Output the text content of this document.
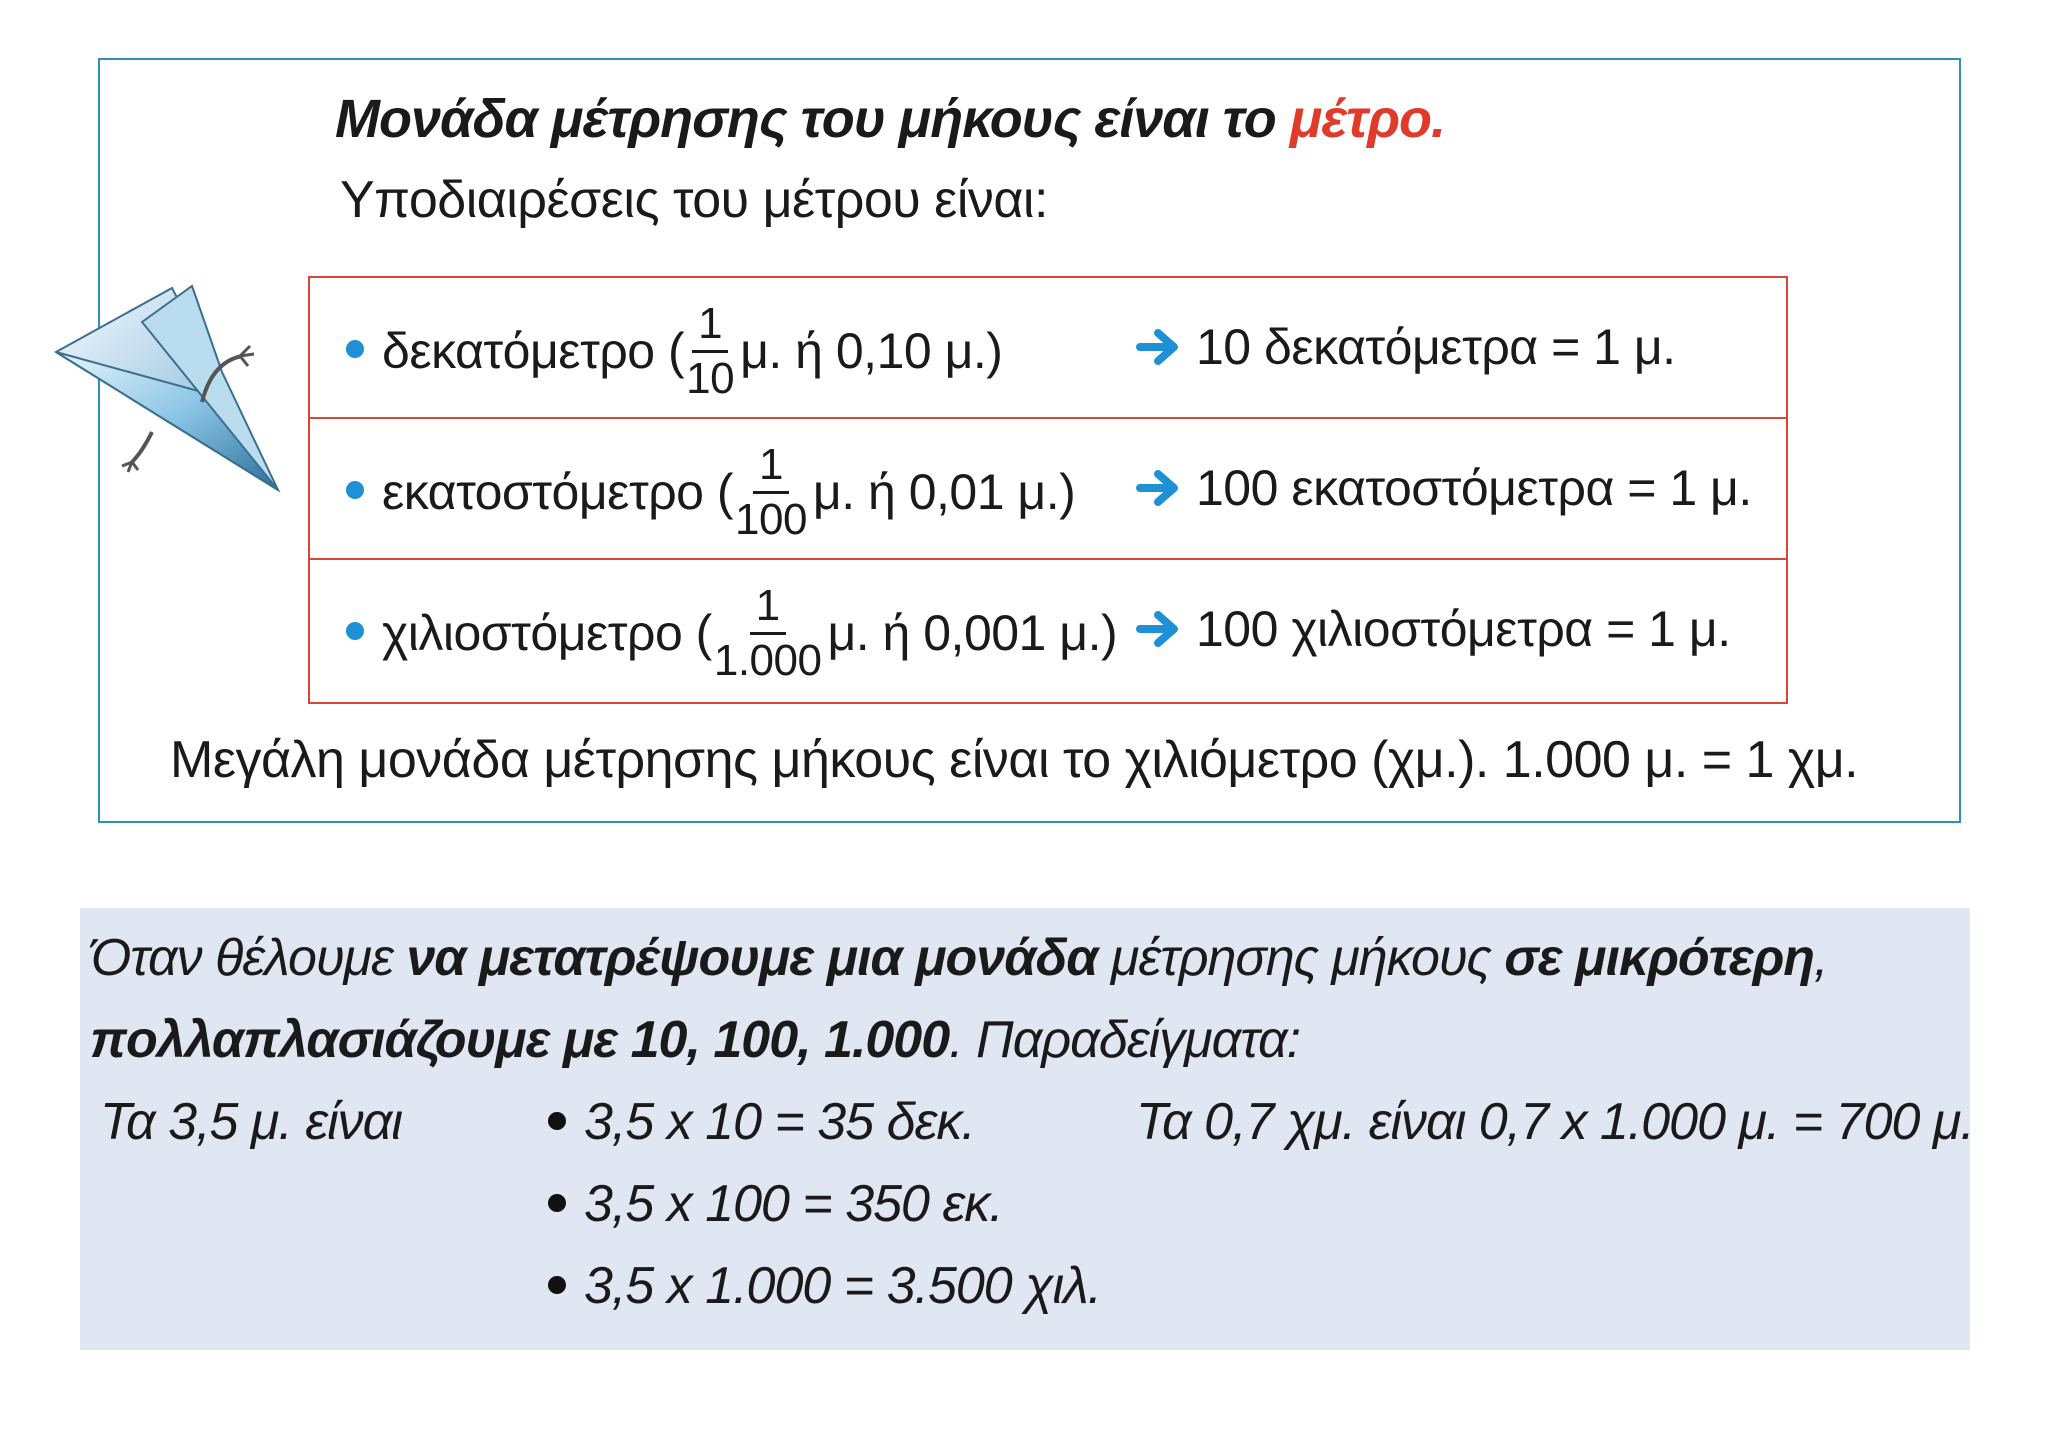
Μονάδα μέτρησης του μήκους είναι το μέτρο.
Υποδιαιρέσεις του μέτρου είναι:
δεκατόμετρο ( $\frac{1}{10} \mu$. ή 0,10 μ.)	10 δεκατόμετρα = 1 μ.
εκατοστόμετρο ( $\frac{1}{100} \mu$. ή 0,01 μ.) 100 εκατοστόμετρα = 1 μ.
χιλιοστόμετρο ( $\frac{1}{1.000} \mu$. ή 0,001 μ.) 100 χιλιοστόμετρα = 1 μ.
Μεγάλη μονάδα μέτρησης μήκους είναι το χιλιόμετρο (χμ.). 1.000 μ. = 1 χμ.
Όταν θέλουμε να μετατρέψουμε μια μονάδα μέτρησης μήκους σε μικρότερη,
πολλαπλασιάζουμε με 10, 100, 1.000. Παραδείγματα:
Τα 3,5 μ. είναι	3,5 x 10 = 35 δεκ.
3,5 x 100 = 350 εκ.
3,5 x 1.000 = 3.500 χιλ.
Τα 0,7 χμ. είναι 0,7 x 1.000 μ. = 700 μ.
